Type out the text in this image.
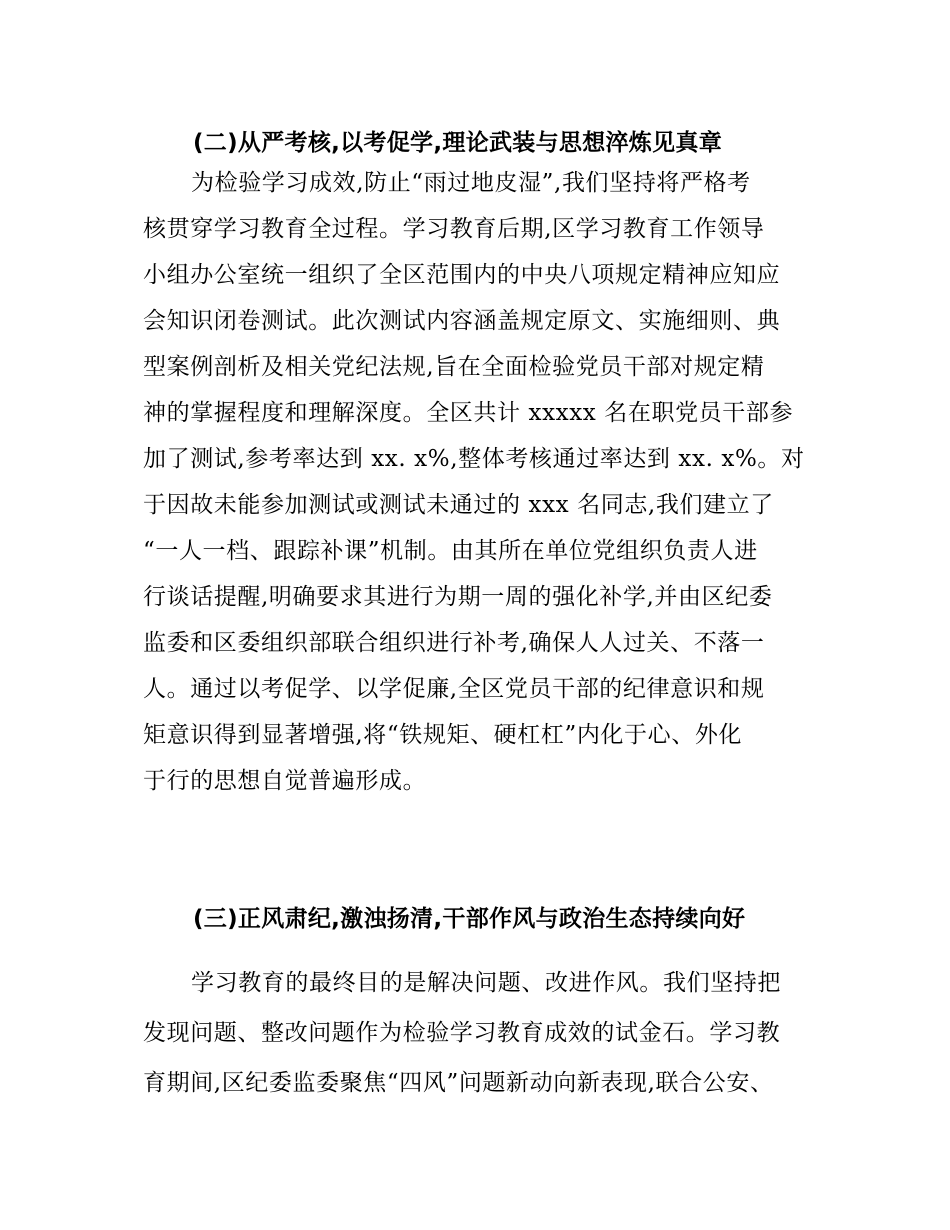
(二)从严考核,以考促学,理论武装与思想淬炼见真章
为检验学习成效,防止“雨过地皮湿”,我们坚持将严格考
核贯穿学习教育全过程。学习教育后期,区学习教育工作领导
小组办公室统一组织了全区范围内的中央八项规定精神应知应
会知识闭卷测试。此次测试内容涵盖规定原文、实施细则、典
型案例剖析及相关党纪法规,旨在全面检验党员干部对规定精
神的掌握程度和理解深度。全区共计 xxxxx 名在职党员干部参
加了测试,参考率达到 xx. x%,整体考核通过率达到 xx. x%。对
于因故未能参加测试或测试未通过的 xxx 名同志,我们建立了
“一人一档、跟踪补课”机制。由其所在单位党组织负责人进
行谈话提醒,明确要求其进行为期一周的强化补学,并由区纪委
监委和区委组织部联合组织进行补考,确保人人过关、不落一
人。通过以考促学、以学促廉,全区党员干部的纪律意识和规
矩意识得到显著增强,将“铁规矩、硬杠杠”内化于心、外化
于行的思想自觉普遍形成。
(三)正风肃纪,激浊扬清,干部作风与政治生态持续向好
学习教育的最终目的是解决问题、改进作风。我们坚持把
发现问题、整改问题作为检验学习教育成效的试金石。学习教
育期间,区纪委监委聚焦“四风”问题新动向新表现,联合公安、
